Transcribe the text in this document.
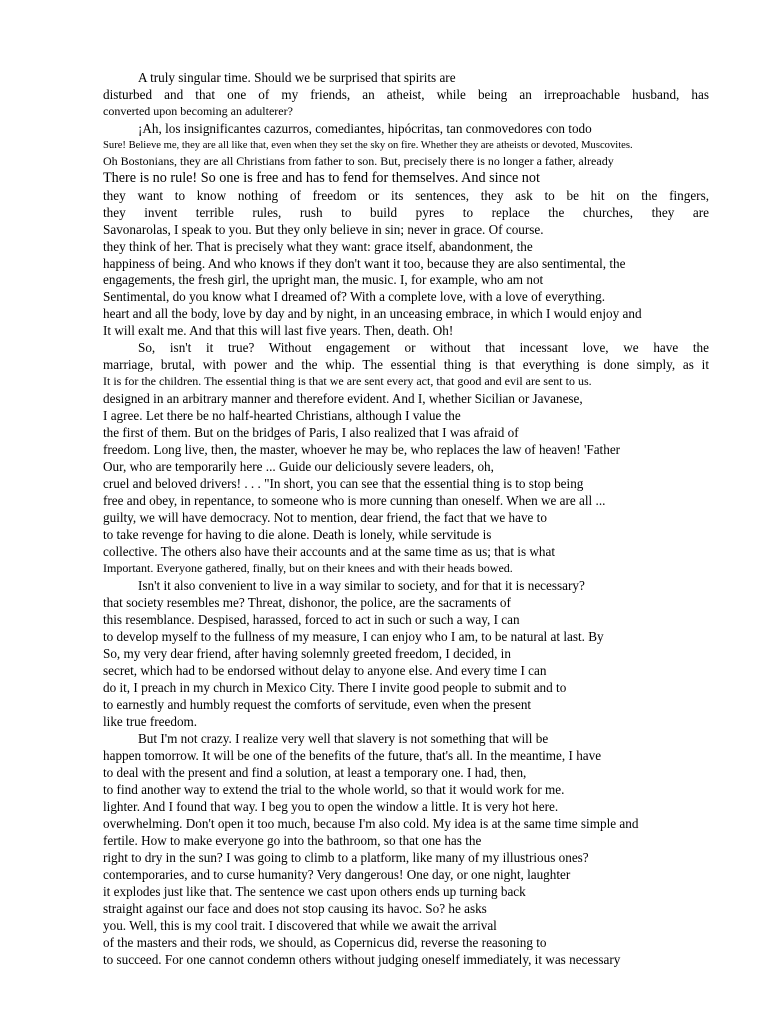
A truly singular time. Should we be surprised that spirits are

disturbed and that one of my friends, an atheist, while being an irreproachable husband, has

converted upon becoming an adulterer?

¡Ah, los insignificantes cazurros, comediantes, hipócritas, tan conmovedores con todo

Sure! Believe me, they are all like that, even when they set the sky on fire. Whether they are atheists or devoted, Muscovites.

Oh Bostonians, they are all Christians from father to son. But, precisely there is no longer a father, already

There is no rule! So one is free and has to fend for themselves. And since not

they want to know nothing of freedom or its sentences, they ask to be hit on the fingers,

they invent terrible rules, rush to build pyres to replace the churches, they are

Savonarolas, I speak to you. But they only believe in sin; never in grace. Of course.

they think of her. That is precisely what they want: grace itself, abandonment, the

happiness of being. And who knows if they don't want it too, because they are also sentimental, the

engagements, the fresh girl, the upright man, the music. I, for example, who am not

Sentimental, do you know what I dreamed of? With a complete love, with a love of everything.

heart and all the body, love by day and by night, in an unceasing embrace, in which I would enjoy and

It will exalt me. And that this will last five years. Then, death. Oh!

So, isn't it true? Without engagement or without that incessant love, we have the

marriage, brutal, with power and the whip. The essential thing is that everything is done simply, as it

It is for the children. The essential thing is that we are sent every act, that good and evil are sent to us.

designed in an arbitrary manner and therefore evident. And I, whether Sicilian or Javanese,

I agree. Let there be no half-hearted Christians, although I value the

the first of them. But on the bridges of Paris, I also realized that I was afraid of

freedom. Long live, then, the master, whoever he may be, who replaces the law of heaven! 'Father

Our, who are temporarily here ... Guide our deliciously severe leaders, oh,

cruel and beloved drivers! . . . "In short, you can see that the essential thing is to stop being

free and obey, in repentance, to someone who is more cunning than oneself. When we are all ...

guilty, we will have democracy. Not to mention, dear friend, the fact that we have to

to take revenge for having to die alone. Death is lonely, while servitude is

collective. The others also have their accounts and at the same time as us; that is what

Important. Everyone gathered, finally, but on their knees and with their heads bowed.

Isn't it also convenient to live in a way similar to society, and for that it is necessary?

that society resembles me? Threat, dishonor, the police, are the sacraments of

this resemblance. Despised, harassed, forced to act in such or such a way, I can

to develop myself to the fullness of my measure, I can enjoy who I am, to be natural at last. By

So, my very dear friend, after having solemnly greeted freedom, I decided, in

secret, which had to be endorsed without delay to anyone else. And every time I can

do it, I preach in my church in Mexico City. There I invite good people to submit and to

to earnestly and humbly request the comforts of servitude, even when the present

like true freedom.

But I'm not crazy. I realize very well that slavery is not something that will be

happen tomorrow. It will be one of the benefits of the future, that's all. In the meantime, I have

to deal with the present and find a solution, at least a temporary one. I had, then,

to find another way to extend the trial to the whole world, so that it would work for me.

lighter. And I found that way. I beg you to open the window a little. It is very hot here.

overwhelming. Don't open it too much, because I'm also cold. My idea is at the same time simple and

fertile. How to make everyone go into the bathroom, so that one has the

right to dry in the sun? I was going to climb to a platform, like many of my illustrious ones?

contemporaries, and to curse humanity? Very dangerous! One day, or one night, laughter

it explodes just like that. The sentence we cast upon others ends up turning back

straight against our face and does not stop causing its havoc. So? he asks

you. Well, this is my cool trait. I discovered that while we await the arrival

of the masters and their rods, we should, as Copernicus did, reverse the reasoning to

to succeed. For one cannot condemn others without judging oneself immediately, it was necessary
